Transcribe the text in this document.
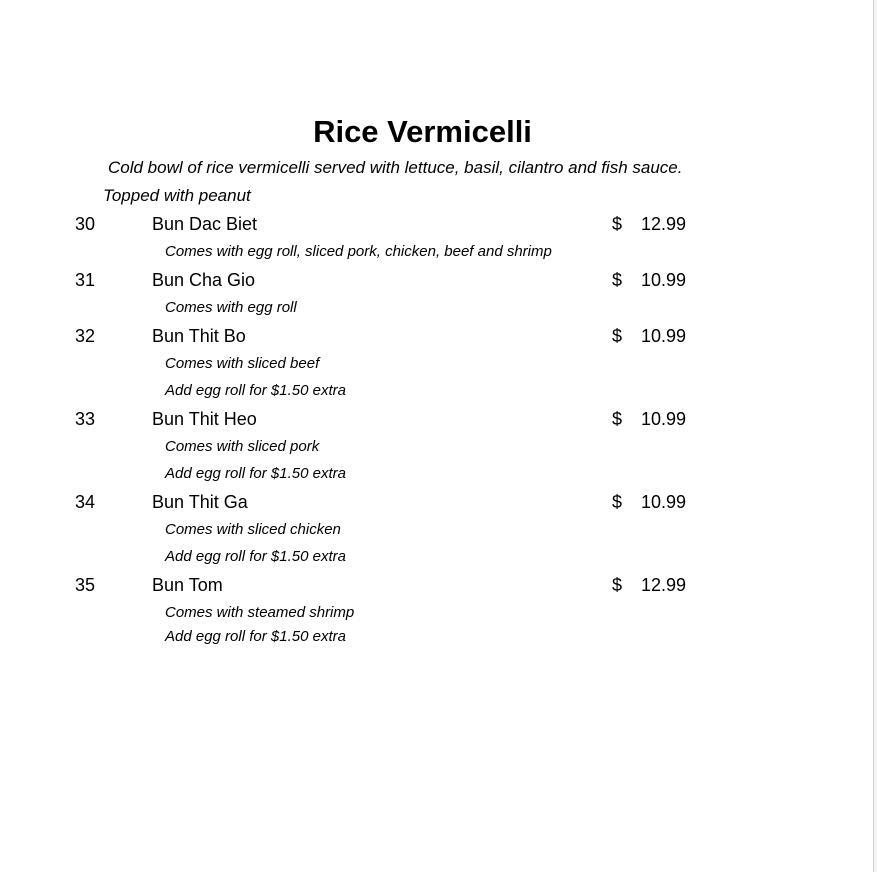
Rice Vermicelli
Cold bowl of rice vermicelli served with lettuce, basil, cilantro and fish sauce.
Topped with peanut
30	Bun Dac Biet	$ 12.99
Comes with egg roll, sliced pork, chicken, beef and shrimp
31	Bun Cha Gio	$ 10.99
Comes with egg roll
32	Bun Thit Bo	$ 10.99
Comes with sliced beef
Add egg roll for $1.50 extra
33	Bun Thit Heo	$ 10.99
Comes with sliced pork
Add egg roll for $1.50 extra
34	Bun Thit Ga	$ 10.99
Comes with sliced chicken
Add egg roll for $1.50 extra
35	Bun Tom	$ 12.99
Comes with steamed shrimp
Add egg roll for $1.50 extra
